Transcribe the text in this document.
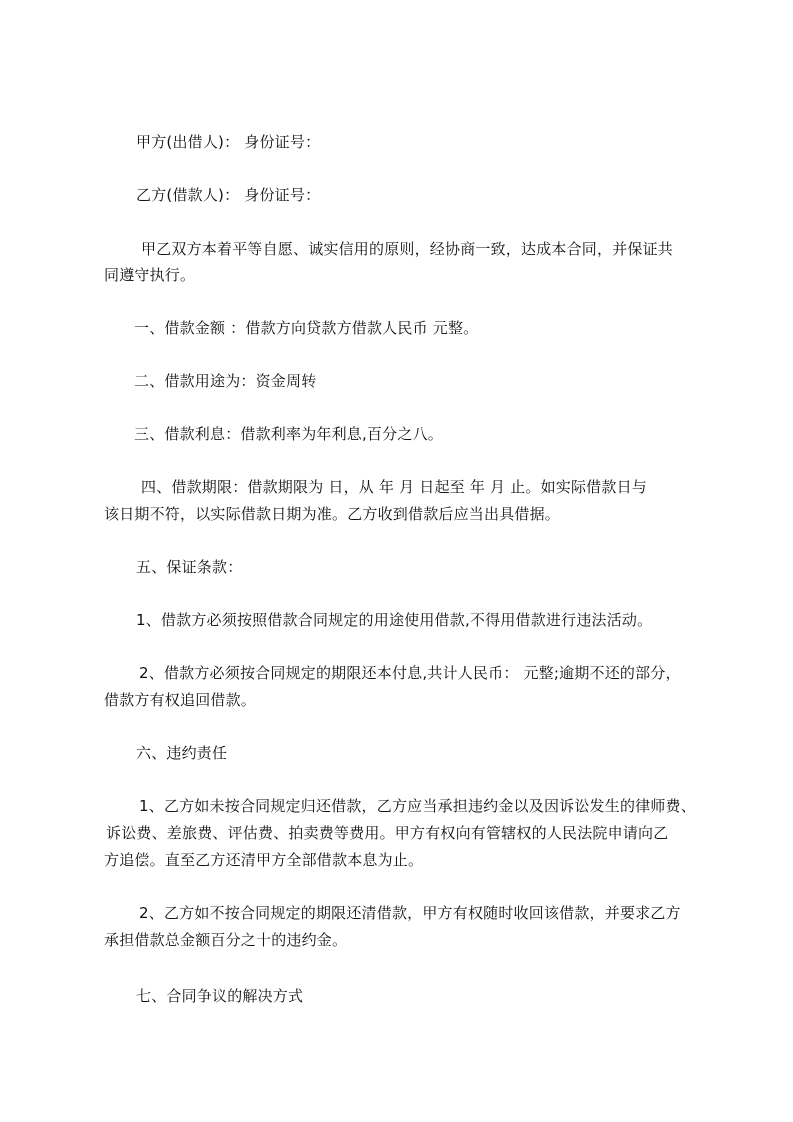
甲方(出借人)： 身份证号：
乙方(借款人)： 身份证号：
甲乙双方本着平等自愿、诚实信用的原则，经协商一致，达成本合同，并保证共
同遵守执行。
一、借款金额 ：借款方向贷款方借款人民币 元整。
二、借款用途为：资金周转
三、借款利息：借款利率为年利息,百分之八。
四、借款期限：借款期限为 日，从 年 月 日起至 年 月 止。如实际借款日与
该日期不符，以实际借款日期为准。乙方收到借款后应当出具借据。
五、保证条款：
1、借款方必须按照借款合同规定的用途使用借款,不得用借款进行违法活动。
2、借款方必须按合同规定的期限还本付息,共计人民币： 元整;逾期不还的部分，
借款方有权追回借款。
六、违约责任
1、乙方如未按合同规定归还借款，乙方应当承担违约金以及因诉讼发生的律师费、
诉讼费、差旅费、评估费、拍卖费等费用。甲方有权向有管辖权的人民法院申请向乙
方追偿。直至乙方还清甲方全部借款本息为止。
2、乙方如不按合同规定的期限还清借款，甲方有权随时收回该借款，并要求乙方
承担借款总金额百分之十的违约金。
七、合同争议的解决方式
